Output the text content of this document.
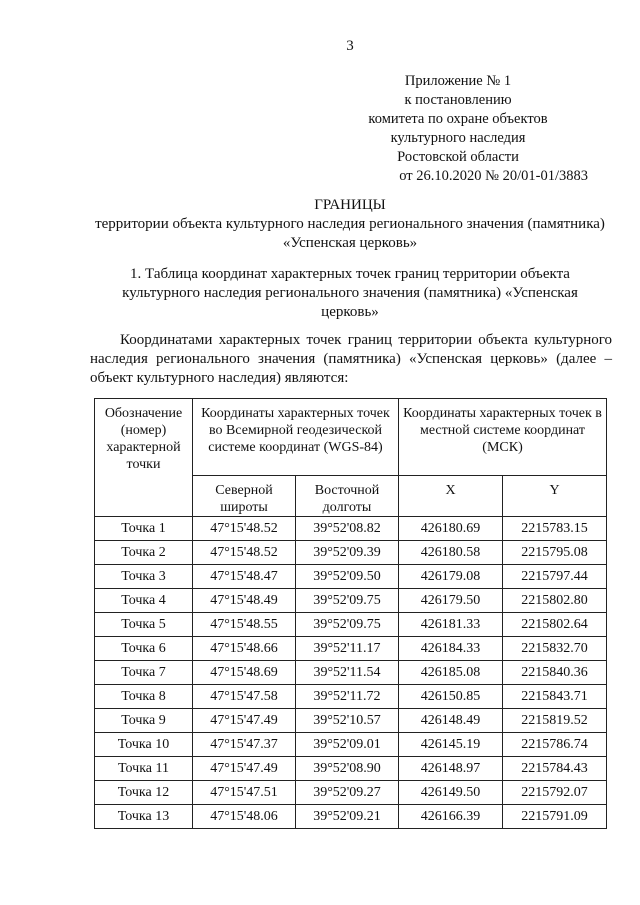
3
Приложение № 1
к постановлению
комитета по охране объектов
культурного наследия
Ростовской области
от 26.10.2020 № 20/01-01/3883
ГРАНИЦЫ
территории объекта культурного наследия регионального значения (памятника)
«Успенская церковь»
1. Таблица координат характерных точек границ территории объекта культурного наследия регионального значения (памятника) «Успенская церковь»
Координатами характерных точек границ территории объекта культурного наследия регионального значения (памятника) «Успенская церковь» (далее – объект культурного наследия) являются:
Обозначение (номер) характерной точки	Координаты характерных точек во Всемирной геодезической системе координат (WGS-84)		Координаты характерных точек в местной системе координат (МСК)	
	Северной широты	Восточной долготы	X	Y
Точка 1	47°15'48.52	39°52'08.82	426180.69	2215783.15
Точка 2	47°15'48.52	39°52'09.39	426180.58	2215795.08
Точка 3	47°15'48.47	39°52'09.50	426179.08	2215797.44
Точка 4	47°15'48.49	39°52'09.75	426179.50	2215802.80
Точка 5	47°15'48.55	39°52'09.75	426181.33	2215802.64
Точка 6	47°15'48.66	39°52'11.17	426184.33	2215832.70
Точка 7	47°15'48.69	39°52'11.54	426185.08	2215840.36
Точка 8	47°15'47.58	39°52'11.72	426150.85	2215843.71
Точка 9	47°15'47.49	39°52'10.57	426148.49	2215819.52
Точка 10	47°15'47.37	39°52'09.01	426145.19	2215786.74
Точка 11	47°15'47.49	39°52'08.90	426148.97	2215784.43
Точка 12	47°15'47.51	39°52'09.27	426149.50	2215792.07
Точка 13	47°15'48.06	39°52'09.21	426166.39	2215791.09
